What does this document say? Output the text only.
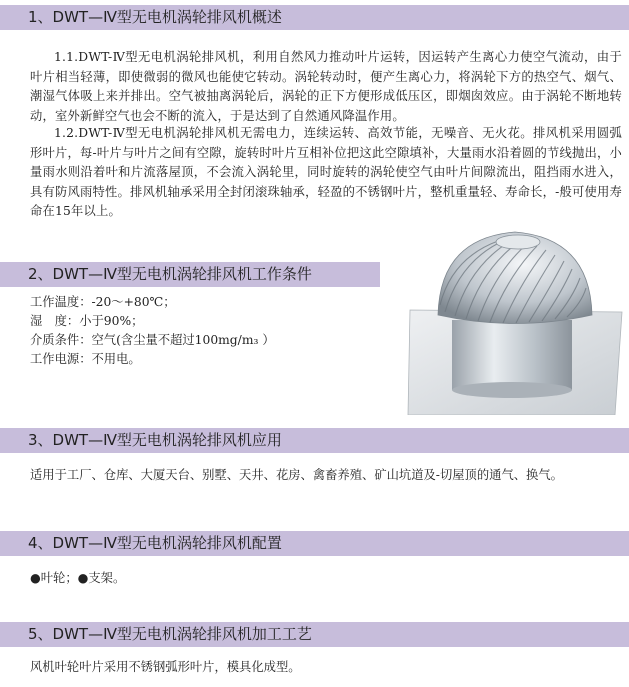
1、DWT—Ⅳ型无电机涡轮排风机概述
1.1.DWT-Ⅳ型无电机涡轮排风机，利用自然风力推动叶片运转，因运转产生离心力使空气流动，由于叶片相当轻薄，即使微弱的微风也能使它转动。涡轮转动时，便产生离心力，将涡轮下方的热空气、烟气、潮湿气体吸上来并排出。空气被抽离涡轮后，涡轮的正下方便形成低压区，即烟囱效应。由于涡轮不断地转动，室外新鲜空气也会不断的流入，于是达到了自然通风降温作用。
1.2.DWT-Ⅳ型无电机涡轮排风机无需电力，连续运转、高效节能，无噪音、无火花。排风机采用圆弧形叶片，每-叶片与叶片之间有空隙，旋转时叶片互相补位把这此空隙填补，大量雨水沿着圆的节线抛出，小量雨水则沿着叶和片流落屋顶，不会流入涡轮里，同时旋转的涡轮使空气由叶片间隙流出，阻挡雨水进入，具有防风雨特性。排风机轴承采用全封闭滚珠轴承，轻盈的不锈钢叶片，整机重量轻、寿命长，-般可使用寿命在15年以上。
2、DWT—Ⅳ型无电机涡轮排风机工作条件
工作温度：-20～+80℃；
湿　度：小于90%；
介质条件：空气(含尘量不超过100mg/m₃ ）
工作电源：不用电。
3、DWT—Ⅳ型无电机涡轮排风机应用
适用于工厂、仓库、大厦天台、别墅、天井、花房、禽畜养殖、矿山坑道及-切屋顶的通气、换气。
4、DWT—Ⅳ型无电机涡轮排风机配置
●叶轮；●支架。
5、DWT—Ⅳ型无电机涡轮排风机加工工艺
风机叶轮叶片采用不锈钢弧形叶片，模具化成型。
